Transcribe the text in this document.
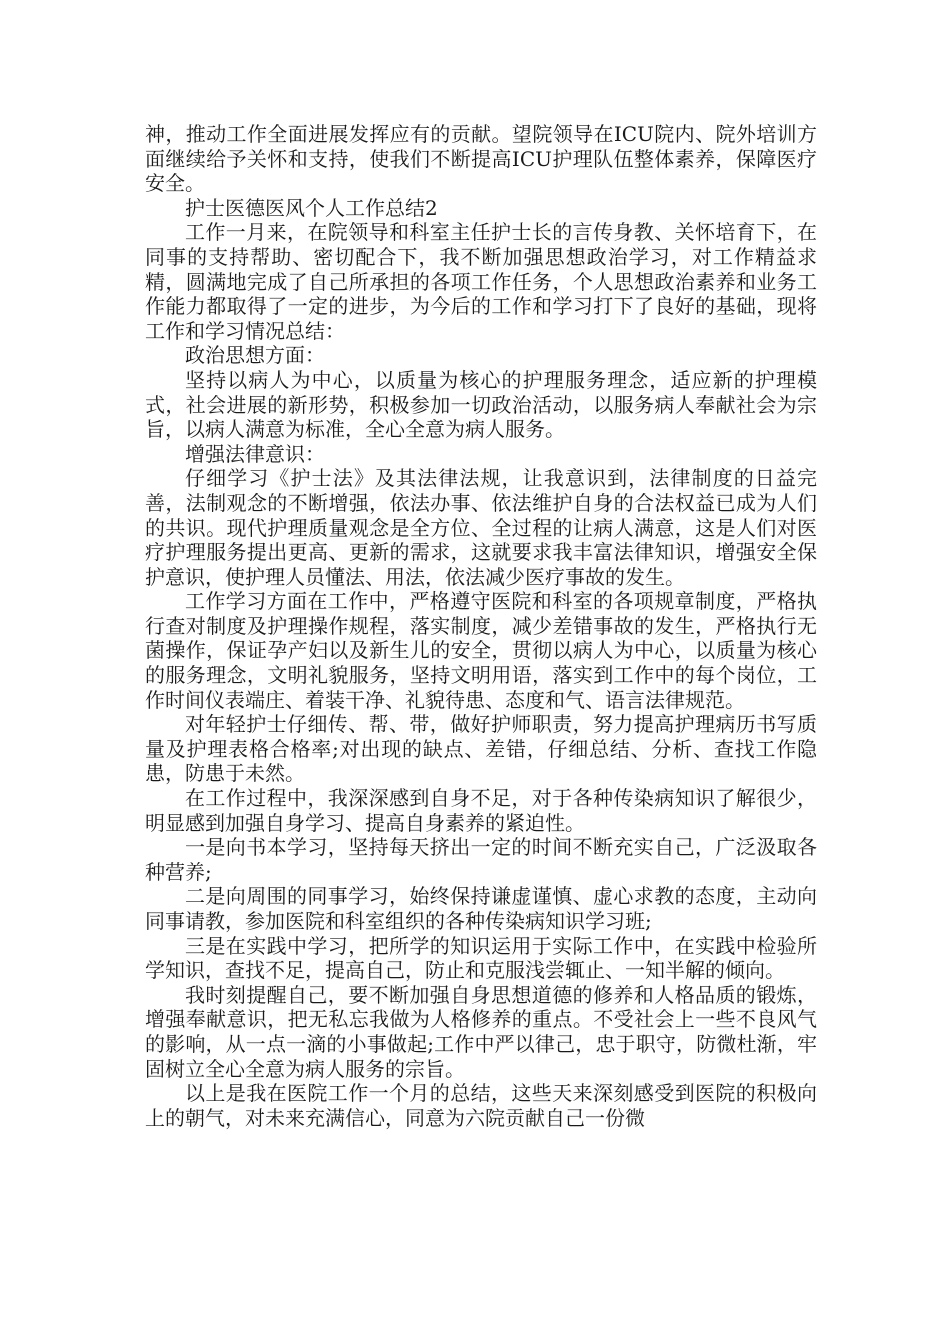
神，推动工作全面进展发挥应有的贡献。望院领导在ICU院内、院外培训方面继续给予关怀和支持，使我们不断提高ICU护理队伍整体素养，保障医疗安全。

护士医德医风个人工作总结2

工作一月来，在院领导和科室主任护士长的言传身教、关怀培育下，在同事的支持帮助、密切配合下，我不断加强思想政治学习，对工作精益求精，圆满地完成了自己所承担的各项工作任务，个人思想政治素养和业务工作能力都取得了一定的进步，为今后的工作和学习打下了良好的基础，现将工作和学习情况总结：

政治思想方面：

坚持以病人为中心，以质量为核心的护理服务理念，适应新的护理模式，社会进展的新形势，积极参加一切政治活动，以服务病人奉献社会为宗旨，以病人满意为标准，全心全意为病人服务。

增强法律意识：

仔细学习《护士法》及其法律法规，让我意识到，法律制度的日益完善，法制观念的不断增强，依法办事、依法维护自身的合法权益已成为人们的共识。现代护理质量观念是全方位、全过程的让病人满意，这是人们对医疗护理服务提出更高、更新的需求，这就要求我丰富法律知识，增强安全保护意识，使护理人员懂法、用法，依法减少医疗事故的发生。

工作学习方面在工作中，严格遵守医院和科室的各项规章制度，严格执行查对制度及护理操作规程，落实制度，减少差错事故的发生，严格执行无菌操作，保证孕产妇以及新生儿的安全，贯彻以病人为中心，以质量为核心的服务理念，文明礼貌服务，坚持文明用语，落实到工作中的每个岗位，工作时间仪表端庄、着装干净、礼貌待患、态度和气、语言法律规范。

对年轻护士仔细传、帮、带，做好护师职责，努力提高护理病历书写质量及护理表格合格率;对出现的缺点、差错，仔细总结、分析、查找工作隐患，防患于未然。

在工作过程中，我深深感到自身不足，对于各种传染病知识了解很少，明显感到加强自身学习、提高自身素养的紧迫性。

一是向书本学习，坚持每天挤出一定的时间不断充实自己，广泛汲取各种营养;

二是向周围的同事学习，始终保持谦虚谨慎、虚心求教的态度，主动向同事请教，参加医院和科室组织的各种传染病知识学习班;

三是在实践中学习，把所学的知识运用于实际工作中，在实践中检验所学知识，查找不足，提高自己，防止和克服浅尝辄止、一知半解的倾向。

我时刻提醒自己，要不断加强自身思想道德的修养和人格品质的锻炼，增强奉献意识，把无私忘我做为人格修养的重点。不受社会上一些不良风气的影响，从一点一滴的小事做起;工作中严以律己，忠于职守，防微杜渐，牢固树立全心全意为病人服务的宗旨。

以上是我在医院工作一个月的总结，这些天来深刻感受到医院的积极向上的朝气，对未来充满信心，同意为六院贡献自己一份微
